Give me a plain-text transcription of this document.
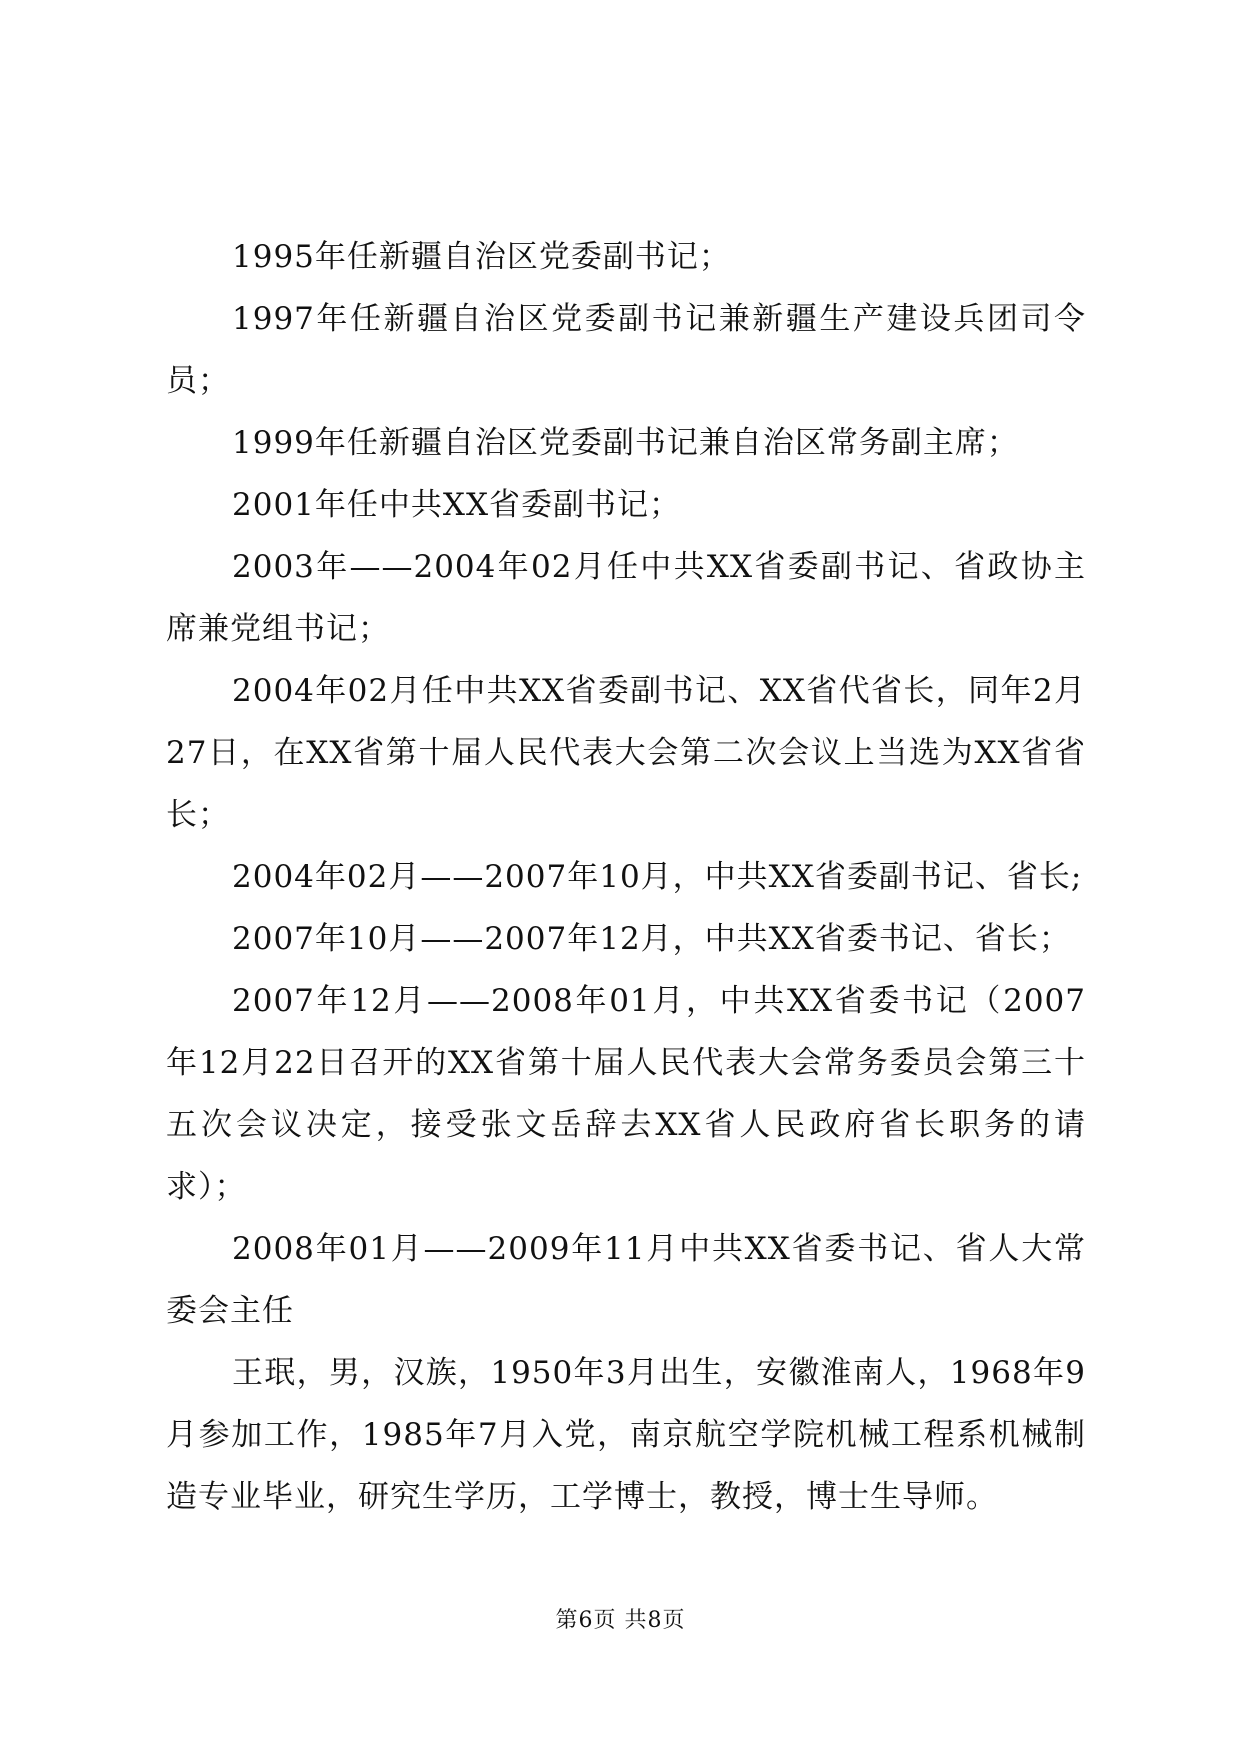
1995年任新疆自治区党委副书记；

1997年任新疆自治区党委副书记兼新疆生产建设兵团司令员；

1999年任新疆自治区党委副书记兼自治区常务副主席；

2001年任中共XX省委副书记；

2003年——2004年02月任中共XX省委副书记、省政协主席兼党组书记；

2004年02月任中共XX省委副书记、XX省代省长，同年2月27日，在XX省第十届人民代表大会第二次会议上当选为XX省省长；

2004年02月——2007年10月，中共XX省委副书记、省长;

2007年10月——2007年12月，中共XX省委书记、省长；

2007年12月——2008年01月，中共XX省委书记（2007年12月22日召开的XX省第十届人民代表大会常务委员会第三十五次会议决定，接受张文岳辞去XX省人民政府省长职务的请求）；

2008年01月——2009年11月中共XX省委书记、省人大常委会主任

王珉，男，汉族，1950年3月出生，安徽淮南人，1968年9月参加工作，1985年7月入党，南京航空学院机械工程系机械制造专业毕业，研究生学历，工学博士，教授，博士生导师。

第6页 共8页
